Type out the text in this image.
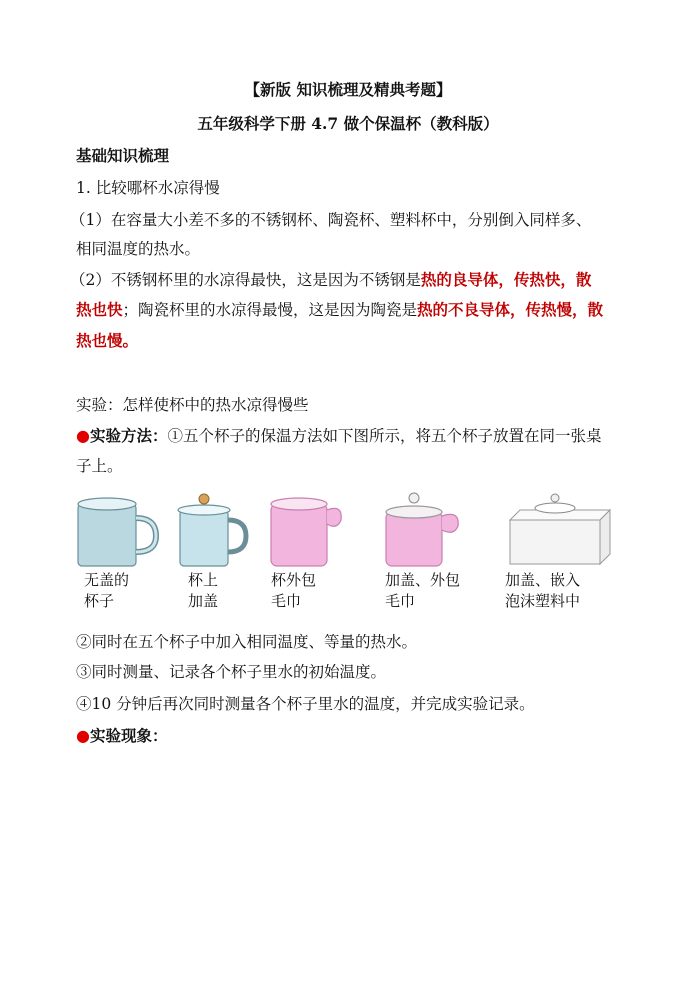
【新版 知识梳理及精典考题】
五年级科学下册 4.7 做个保温杯（教科版）
基础知识梳理
1. 比较哪杯水凉得慢
（1）在容量大小差不多的不锈钢杯、陶瓷杯、塑料杯中，分别倒入同样多、
相同温度的热水。
（2）不锈钢杯里的水凉得最快，这是因为不锈钢是热的良导体，传热快，散
热也快；陶瓷杯里的水凉得最慢，这是因为陶瓷是热的不良导体，传热慢，散
热也慢。
实验：怎样使杯中的热水凉得慢些
●实验方法：①五个杯子的保温方法如下图所示，将五个杯子放置在同一张桌
子上。
无盖的
杯子
杯上
加盖
杯外包
毛巾
加盖、外包
毛巾
加盖、嵌入
泡沫塑料中
②同时在五个杯子中加入相同温度、等量的热水。
③同时测量、记录各个杯子里水的初始温度。
④10 分钟后再次同时测量各个杯子里水的温度，并完成实验记录。
●实验现象：
